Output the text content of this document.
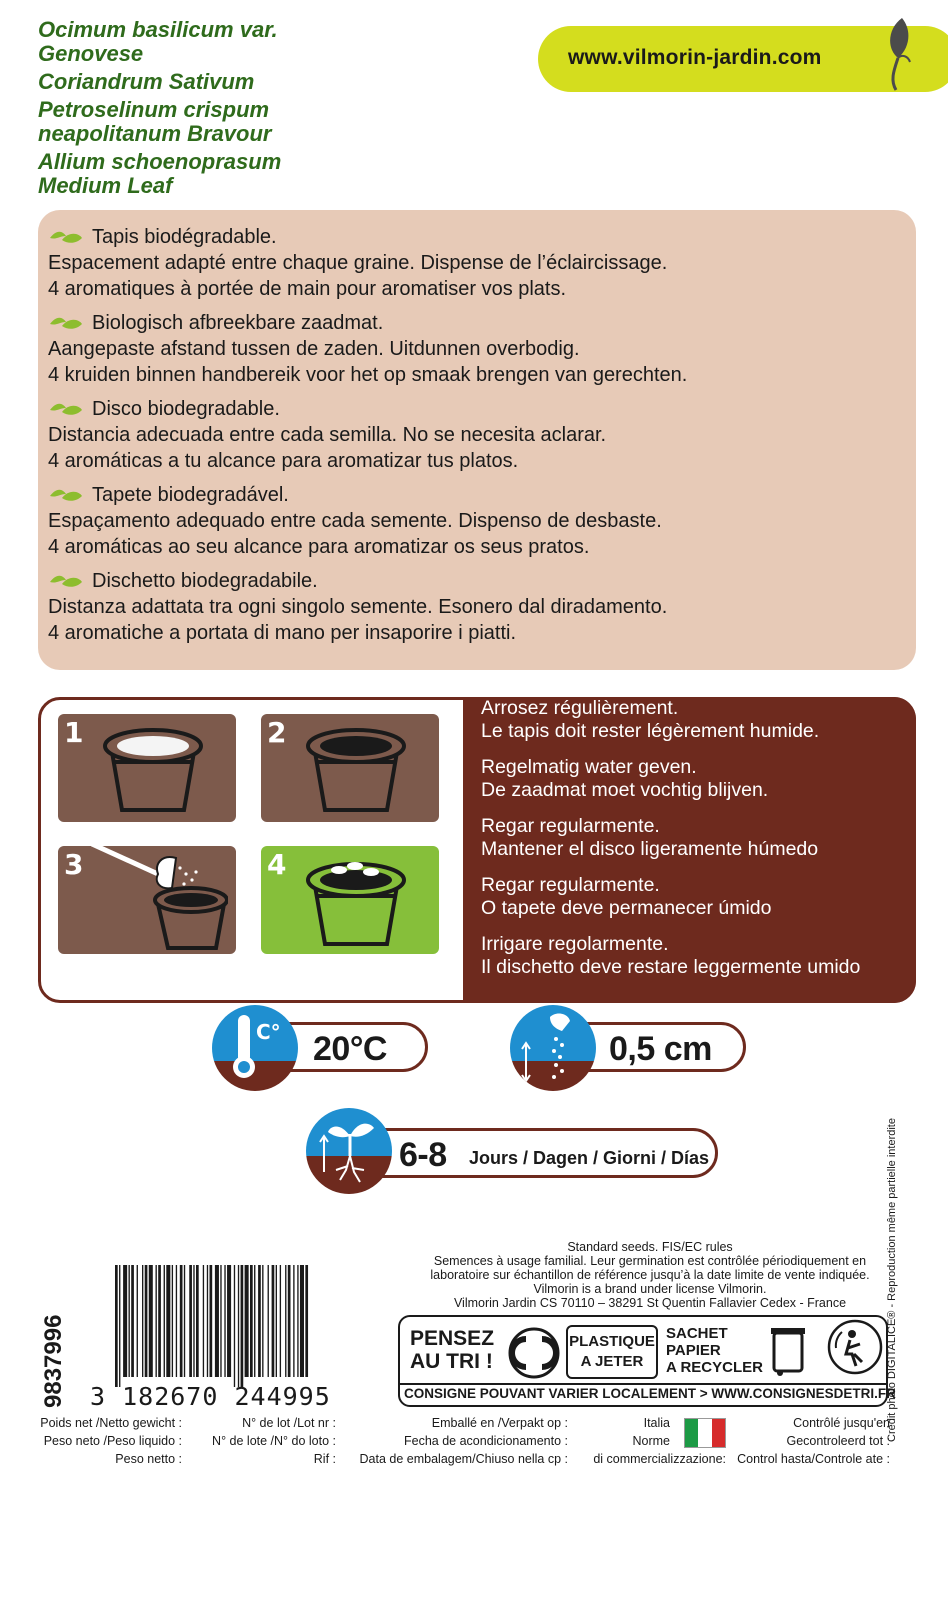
Ocimum basilicum var. Genovese
Coriandrum Sativum
Petroselinum crispum
neapolitanum Bravour
Allium schoenoprasum
Medium Leaf
www.vilmorin-jardin.com
Tapis biodégradable.
Espacement adapté entre chaque graine. Dispense de l’éclaircissage.
4 aromatiques à portée de main pour aromatiser vos plats.
Biologisch afbreekbare zaadmat.
Aangepaste afstand tussen de zaden. Uitdunnen overbodig.
4 kruiden binnen handbereik voor het op smaak brengen van gerechten.
Disco biodegradable.
Distancia adecuada entre cada semilla. No se necesita aclarar.
4 aromáticas a tu alcance para aromatizar tus platos.
Tapete biodegradável.
Espaçamento adequado entre cada semente. Dispenso de desbaste.
4 aromáticas ao seu alcance para aromatizar os seus pratos.
Dischetto biodegradabile.
Distanza adattata tra ogni singolo semente. Esonero dal diradamento.
4 aromatiche a portata di mano per insaporire i piatti.
1	2
3	4
Arrosez régulièrement.
Le tapis doit rester légèrement humide.
Regelmatig water geven.
De zaadmat moet vochtig blijven.
Regar regularmente.
Mantener el disco ligeramente húmedo
Regar regularmente.
O tapete deve permanecer úmido
Irrigare regolarmente.
Il dischetto deve restare leggermente umido
20°C
C°	0,5 cm
6-8 Jours / Dagen / Giorni / Días
Standard seeds. FIS/EC rules
Semences à usage familial. Leur germination est contrôlée périodiquement en
laboratoire sur échantillon de référence jusqu’à la date limite de vente indiquée.
Vilmorin is a brand under license Vilmorin.
Vilmorin Jardin CS 70110 – 38291 St Quentin Fallavier Cedex - France
PENSEZ
AU TRI !
PLASTIQUE
A JETER
SACHET
PAPIER
A RECYCLER
CONSIGNE POUVANT VARIER LOCALEMENT > WWW.CONSIGNESDETRI.FR
9837996 3 182670 244995
Poids net /Netto gewicht :
Peso neto /Peso liquido :
Peso netto :
N° de lot /Lot nr :
N° de lote /N° do loto :
Rif :
Emballé en /Verpakt op :
Fecha de acondicionamento :
Data de embalagem/Chiuso nella cp :
Italia
Norme
di commercializzazione:
Contrôlé jusqu'en
Gecontroleerd tot :
Control hasta/Controle ate :
Crédit photo DIGITALICE® - Reproduction même partielle interdite
